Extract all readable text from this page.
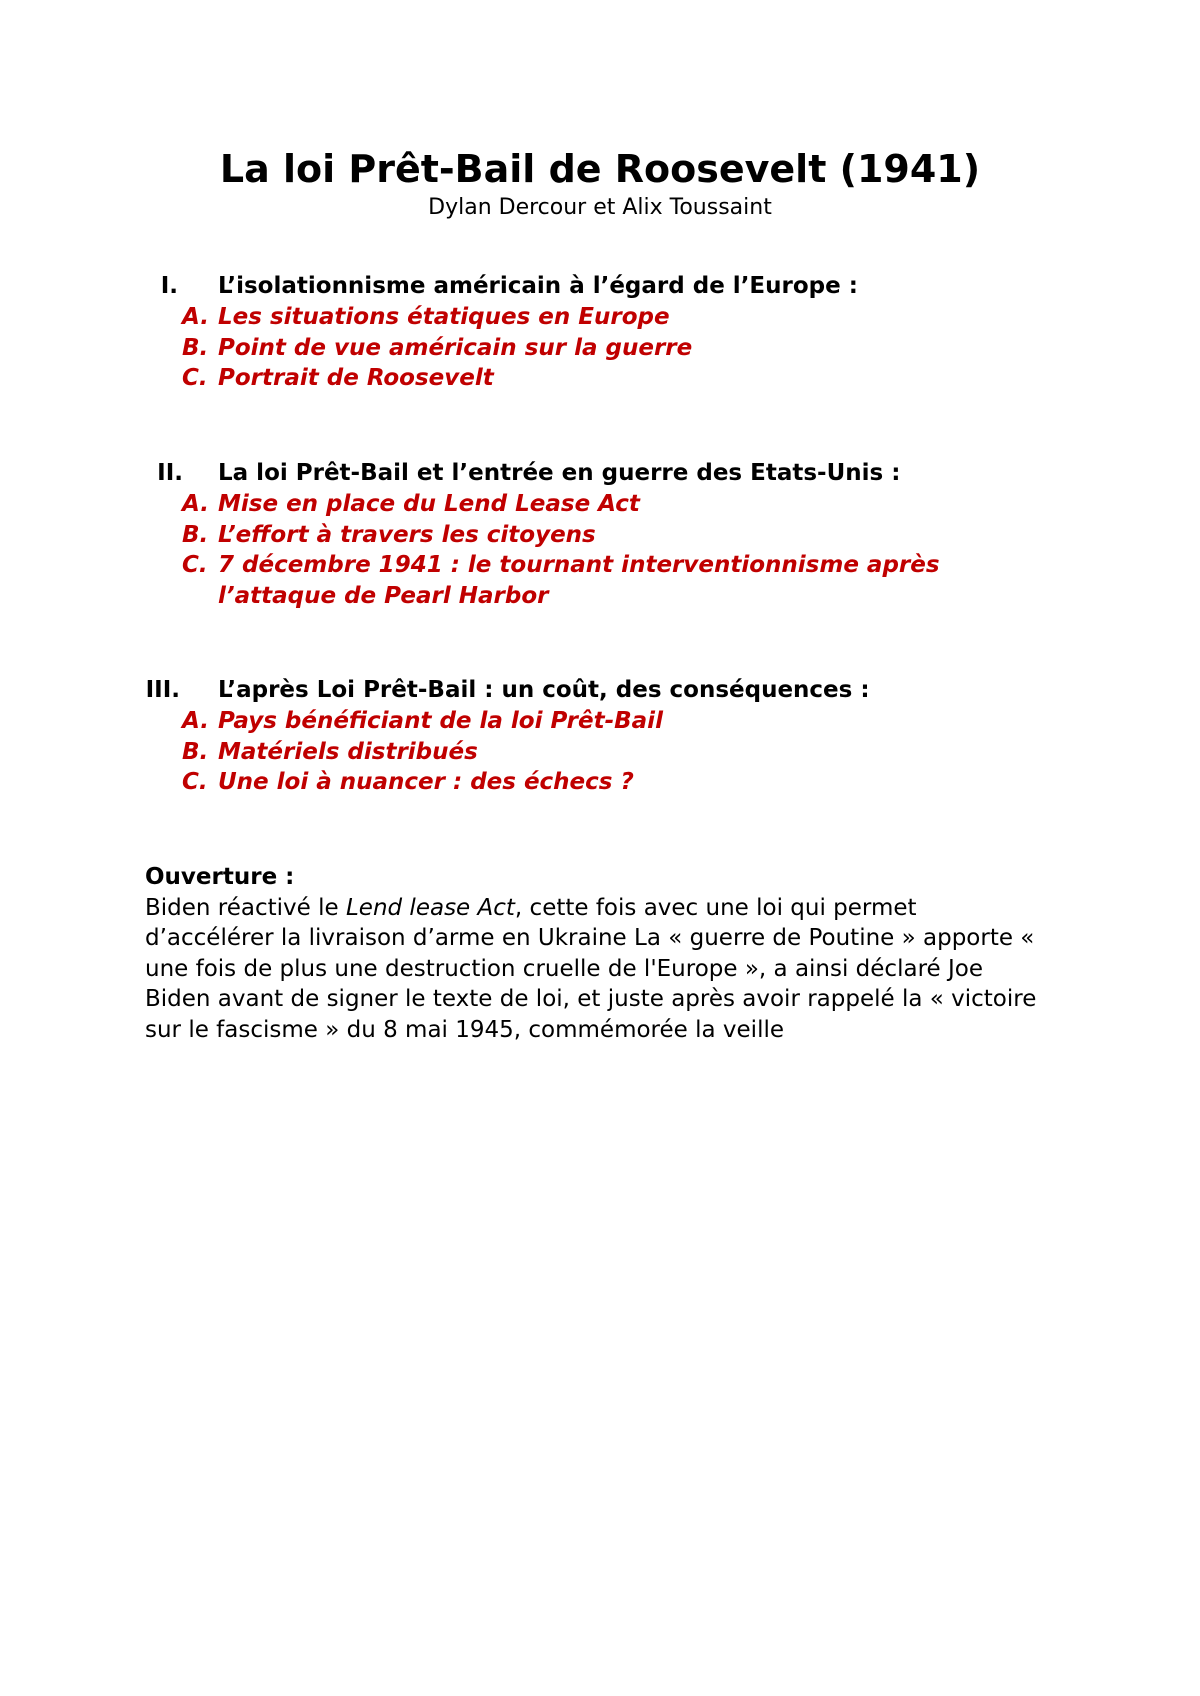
La loi Prêt-Bail de Roosevelt (1941)
Dylan Dercour et Alix Toussaint
I. L’isolationnisme américain à l’égard de l’Europe :
A. Les situations étatiques en Europe
B. Point de vue américain sur la guerre
C. Portrait de Roosevelt
II. La loi Prêt-Bail et l’entrée en guerre des Etats-Unis :
A. Mise en place du Lend Lease Act
B. L’effort à travers les citoyens
C. 7 décembre 1941 : le tournant interventionnisme après l’attaque de Pearl Harbor
III. L’après Loi Prêt-Bail : un coût, des conséquences :
A. Pays bénéficiant de la loi Prêt-Bail
B. Matériels distribués
C. Une loi à nuancer : des échecs ?
Ouverture :
Biden réactivé le Lend lease Act, cette fois avec une loi qui permet d’accélérer la livraison d’arme en Ukraine La « guerre de Poutine » apporte « une fois de plus une destruction cruelle de l'Europe », a ainsi déclaré Joe Biden avant de signer le texte de loi, et juste après avoir rappelé la « victoire sur le fascisme » du 8 mai 1945, commémorée la veille
